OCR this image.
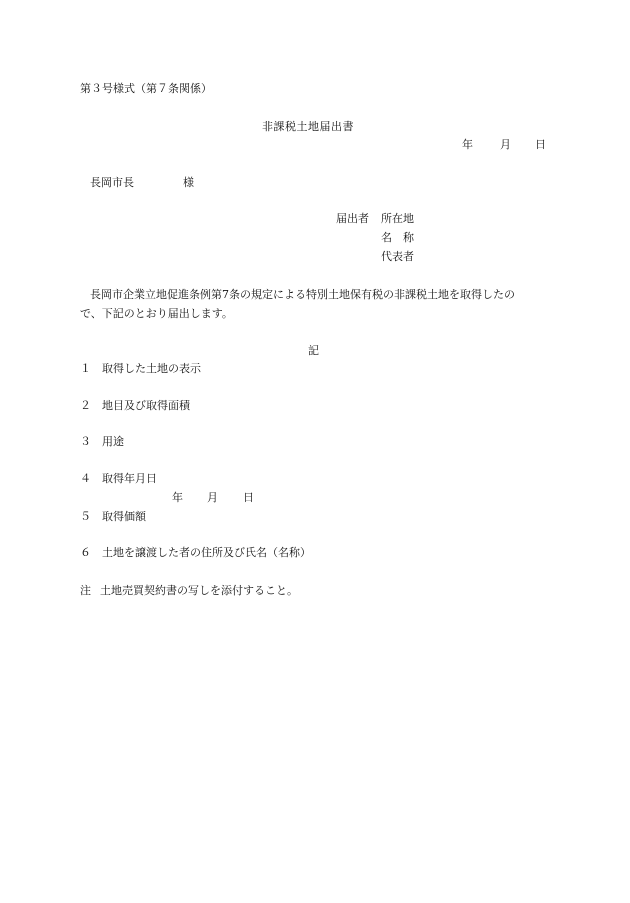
第３号様式（第７条関係）
非課税土地届出書
年 月 日
長岡市長	様
届出者 所在地
名　称
代表者
長岡市企業立地促進条例第7条の規定による特別土地保有税の非課税土地を取得したの
で、下記のとおり届出します。
記
１ 取得した土地の表示
２ 地目及び取得面積
３ 用途
４ 取得年月日
年 月 日
５ 取得価額
６ 土地を譲渡した者の住所及び氏名（名称）
注 土地売買契約書の写しを添付すること。
